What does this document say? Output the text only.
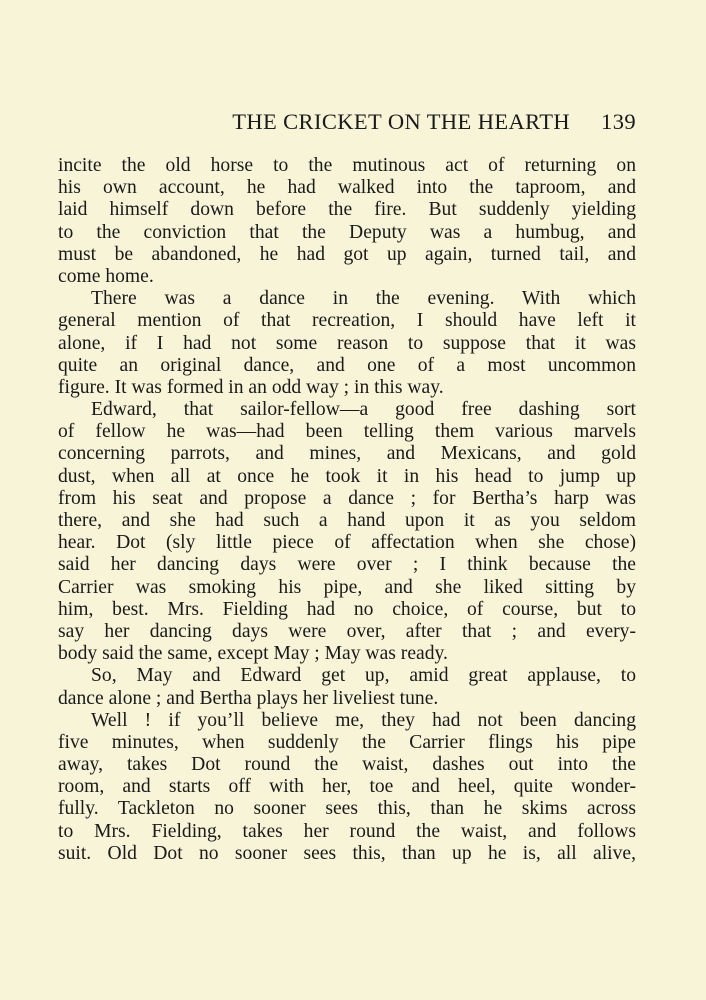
THE CRICKET ON THE HEARTH 139
incite the old horse to the mutinous act of returning on
his own account, he had walked into the taproom, and
laid himself down before the fire. But suddenly yielding
to the conviction that the Deputy was a humbug, and
must be abandoned, he had got up again, turned tail, and
come home.
There was a dance in the evening. With which
general mention of that recreation, I should have left it
alone, if I had not some reason to suppose that it was
quite an original dance, and one of a most uncommon
figure. It was formed in an odd way ; in this way.
Edward, that sailor-fellow—a good free dashing sort
of fellow he was—had been telling them various marvels
concerning parrots, and mines, and Mexicans, and gold
dust, when all at once he took it in his head to jump up
from his seat and propose a dance ; for Bertha’s harp was
there, and she had such a hand upon it as you seldom
hear. Dot (sly little piece of affectation when she chose)
said her dancing days were over ; I think because the
Carrier was smoking his pipe, and she liked sitting by
him, best. Mrs. Fielding had no choice, of course, but to
say her dancing days were over, after that ; and every-
body said the same, except May ; May was ready.
So, May and Edward get up, amid great applause, to
dance alone ; and Bertha plays her liveliest tune.
Well ! if you’ll believe me, they had not been dancing
five minutes, when suddenly the Carrier flings his pipe
away, takes Dot round the waist, dashes out into the
room, and starts off with her, toe and heel, quite wonder-
fully. Tackleton no sooner sees this, than he skims across
to Mrs. Fielding, takes her round the waist, and follows
suit. Old Dot no sooner sees this, than up he is, all alive,
